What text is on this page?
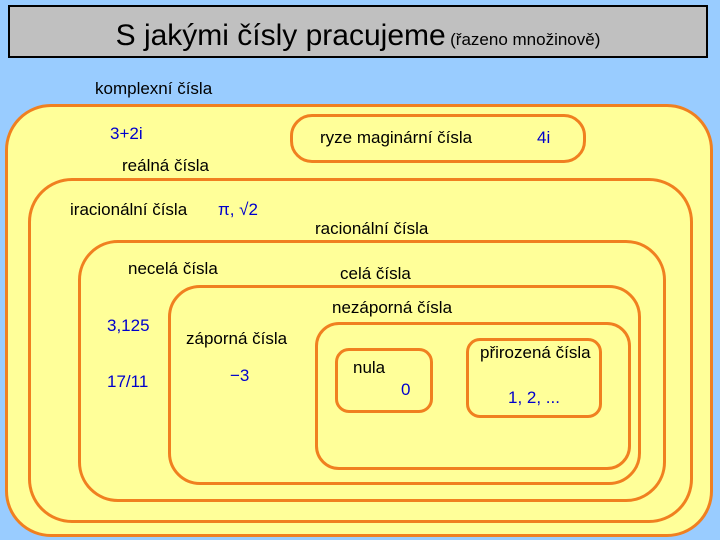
S jakými čísly pracujeme (řazeno množinově)
komplexní čísla
3+2i	ryze maginární čísla	4i
reálná čísla
iracionální čísla π, √2
racionální čísla
necelá čísla
3,125
17/11
celá čísla
záporná čísla
−3
nezáporná čísla
nula
0
přirozená čísla
1, 2, ...
